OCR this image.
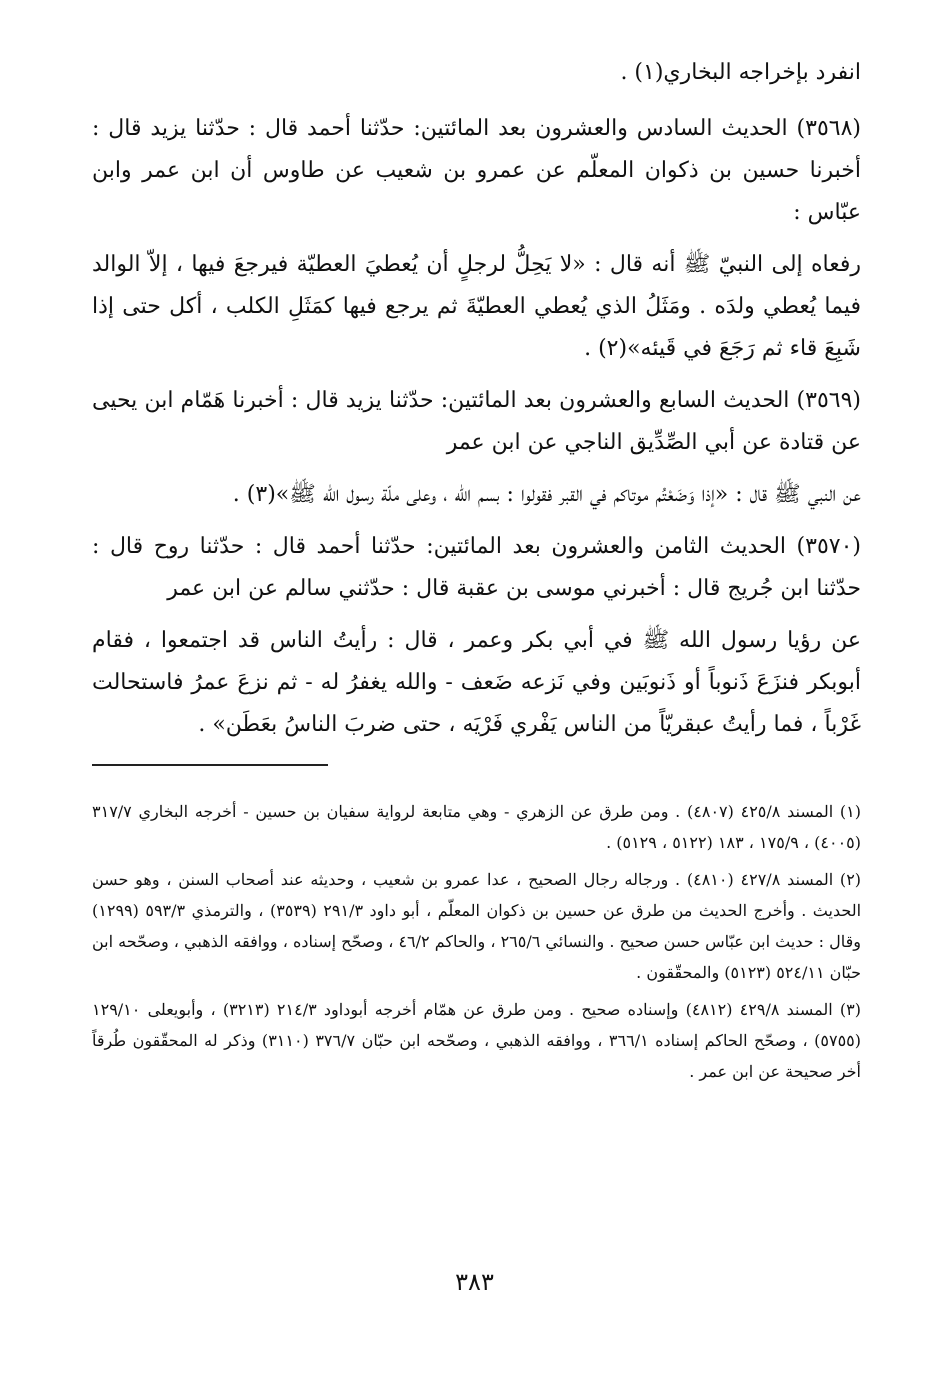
انفرد بإخراجه البخاري(١) .

(٣٥٦٨) الحديث السادس والعشرون بعد المائتين: حدّثنا أحمد قال : حدّثنا يزيد قال : أخبرنا حسين بن ذكوان المعلّم عن عمرو بن شعيب عن طاوس أن ابن عمر وابن عبّاس :

رفعاه إلى النبيّ ﷺ أنه قال : «لا يَحِلُّ لرجلٍ أن يُعطيَ العطيّة فيرجعَ فيها ، إلاّ الوالد فيما يُعطي ولدَه . ومَثَلُ الذي يُعطي العطيّةَ ثم يرجع فيها كمَثَلِ الكلب ، أكل حتى إذا شَبِعَ قاء ثم رَجَعَ في قَيئه»(٢) .

(٣٥٦٩) الحديث السابع والعشرون بعد المائتين: حدّثنا يزيد قال : أخبرنا هَمّام ابن يحيى عن قتادة عن أبي الصِّدِّيق الناجي عن ابن عمر

عن النبي ﷺ قال : «إذا وَضَعْتُم موتاكم في القبر فقولوا : بسم الله ، وعلى ملّة رسول الله ﷺ»(٣) .

(٣٥٧٠) الحديث الثامن والعشرون بعد المائتين: حدّثنا أحمد قال : حدّثنا روح قال : حدّثنا ابن جُريج قال : أخبرني موسى بن عقبة قال : حدّثني سالم عن ابن عمر

عن رؤيا رسول الله ﷺ في أبي بكر وعمر ، قال : رأيتُ الناس قد اجتمعوا ، فقام أبوبكر فنزَعَ ذَنوباً أو ذَنوبَين وفي نَزعه ضَعف - والله يغفرُ له - ثم نزعَ عمرُ فاستحالت غَرْباً ، فما رأيتُ عبقريّاً من الناس يَفْري فَرْيَه ، حتى ضربَ الناسُ بعَطَن» .

(١) المسند ٤٢٥/٨ (٤٨٠٧) . ومن طرق عن الزهري - وهي متابعة لرواية سفيان بن حسين - أخرجه البخاري ٣١٧/٧ (٤٠٠٥) ، ١٧٥/٩ ، ١٨٣ (٥١٢٢ ، ٥١٢٩) .

(٢) المسند ٤٢٧/٨ (٤٨١٠) . ورجاله رجال الصحيح ، عدا عمرو بن شعيب ، وحديثه عند أصحاب السنن ، وهو حسن الحديث . وأخرج الحديث من طرق عن حسين بن ذكوان المعلّم ، أبو داود ٢٩١/٣ (٣٥٣٩) ، والترمذي ٥٩٣/٣ (١٢٩٩) وقال : حديث ابن عبّاس حسن صحيح . والنسائي ٢٦٥/٦ ، والحاكم ٤٦/٢ ، وصحّح إسناده ، ووافقه الذهبي ، وصحّحه ابن حبّان ٥٢٤/١١ (٥١٢٣) والمحقّقون .

(٣) المسند ٤٢٩/٨ (٤٨١٢) وإسناده صحيح . ومن طرق عن همّام أخرجه أبوداود ٢١٤/٣ (٣٢١٣) ، وأبويعلى ١٢٩/١٠ (٥٧٥٥) ، وصحّح الحاكم إسناده ٣٦٦/١ ، ووافقه الذهبي ، وصحّحه ابن حبّان ٣٧٦/٧ (٣١١٠) وذكر له المحقّقون طُرقاً أخر صحيحة عن ابن عمر .

٣٨٣
